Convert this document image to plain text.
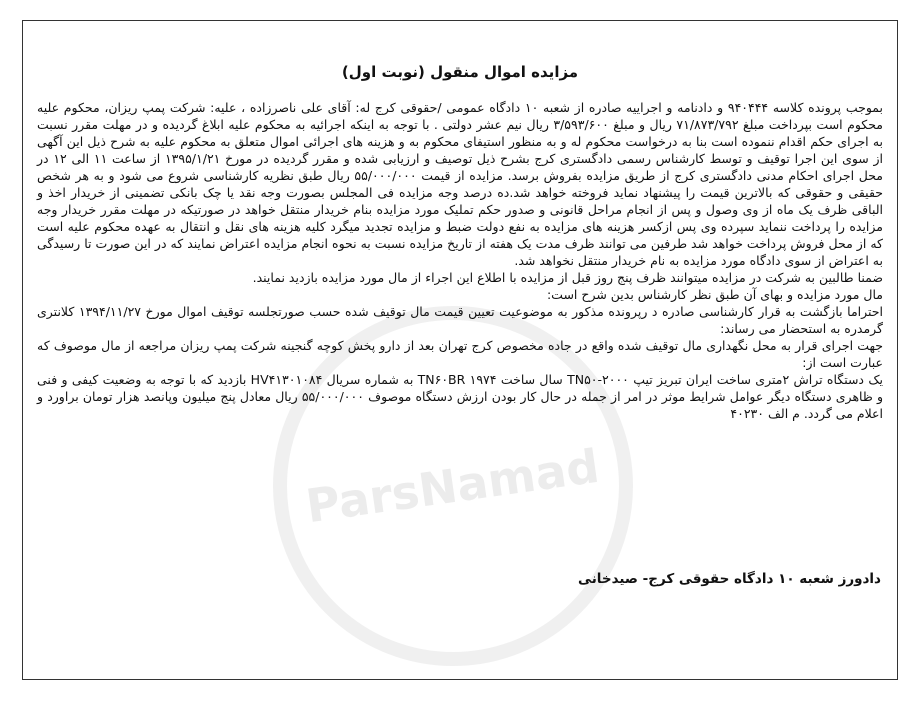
ParsNamad
مزایده اموال منقول (نوبت اول)

بموجب پرونده کلاسه ۹۴۰۴۴۴ و دادنامه و اجراییه صادره از شعبه ۱۰ دادگاه عمومی /حقوقی کرج له: آقای علی ناصرزاده ، علیه: شرکت پمپ ریزان، محکوم علیه محکوم است بپرداخت مبلغ ۷۱/۸۷۳/۷۹۲ ریال و مبلغ ۳/۵۹۳/۶۰۰ ریال نیم عشر دولتی . با توجه به اینکه اجرائیه به محکوم علیه ابلاغ گردیده و در مهلت مقرر نسبت به اجرای حکم اقدام ننموده است بنا به درخواست محکوم له و به منظور استیفای محکوم به و هزینه های اجرائی اموال متعلق به محکوم علیه به شرح ذیل این آگهی از سوی این اجرا توقیف و توسط کارشناس رسمی دادگستری کرج بشرح ذیل توصیف و ارزیابی شده و مقرر گردیده در مورخ ۱۳۹۵/۱/۲۱ از ساعت ۱۱ الی ۱۲ در محل اجرای احکام مدنی دادگستری کرج از طریق مزایده بفروش برسد. مزایده از قیمت ۵۵/۰۰۰/۰۰۰ ریال طبق نظریه کارشناسی شروع می شود و به هر شخص حقیقی و حقوقی که بالاترین قیمت را پیشنهاد نماید فروخته خواهد شد.ده درصد وجه مزایده فی المجلس بصورت وجه نقد یا چک بانکی تضمینی از خریدار اخذ و الباقی ظرف یک ماه از وی وصول و پس از انجام مراحل قانونی و صدور حکم تملیک مورد مزایده بنام خریدار منتقل خواهد در صورتیکه در مهلت مقرر خریدار وجه مزایده را پرداخت ننماید سپرده وی پس ازکسر هزینه های مزایده به نفع دولت ضبط و مزایده تجدید میگرد کلیه هزینه های نقل و انتقال به عهده محکوم علیه است که از محل فروش پرداخت خواهد شد طرفین می توانند ظرف مدت یک هفته از تاریخ مزایده نسبت به نحوه انجام مزایده اعتراض نمایند که در این صورت تا رسیدگی به اعتراض از سوی دادگاه مورد مزایده به نام خریدار منتقل نخواهد شد.

ضمنا طالبین به شرکت در مزایده میتوانند ظرف پنج روز قبل از مزایده با اطلاع این اجراء از مال مورد مزایده بازدید نمایند.

مال مورد مزایده و بهای آن طبق نظر کارشناس بدین شرح است:

احتراما بازگشت به قرار کارشناسی صادره د رپرونده مذکور به موضوعیت تعیین قیمت مال توقیف شده حسب صورتجلسه توقیف اموال مورخ ۱۳۹۴/۱۱/۲۷ کلانتری گرمدره به استحضار می رساند:

جهت اجرای قرار به محل نگهداری مال توقیف شده واقع در جاده مخصوص کرج تهران بعد از دارو پخش کوچه گنجینه شرکت پمپ ریزان مراجعه از مال موصوف که عبارت است از:

یک دستگاه تراش ۲متری ساخت ایران تبریز تیپ TN۵۰-۲۰۰۰ سال ساخت TN۶۰BR ۱۹۷۴ به شماره سریال HV۴۱۳۰۱۰۸۴ بازدید که با توجه به وضعیت کیفی و فنی و ظاهری دستگاه دیگر عوامل شرایط موثر در امر از جمله در حال کار بودن ارزش دستگاه موصوف ۵۵/۰۰۰/۰۰۰ ریال معادل پنج میلیون وپانصد هزار تومان براورد و اعلام می گردد. م الف ۴۰۲۳۰

دادورز شعبه ۱۰ دادگاه حقوقی کرج- صیدخانی
